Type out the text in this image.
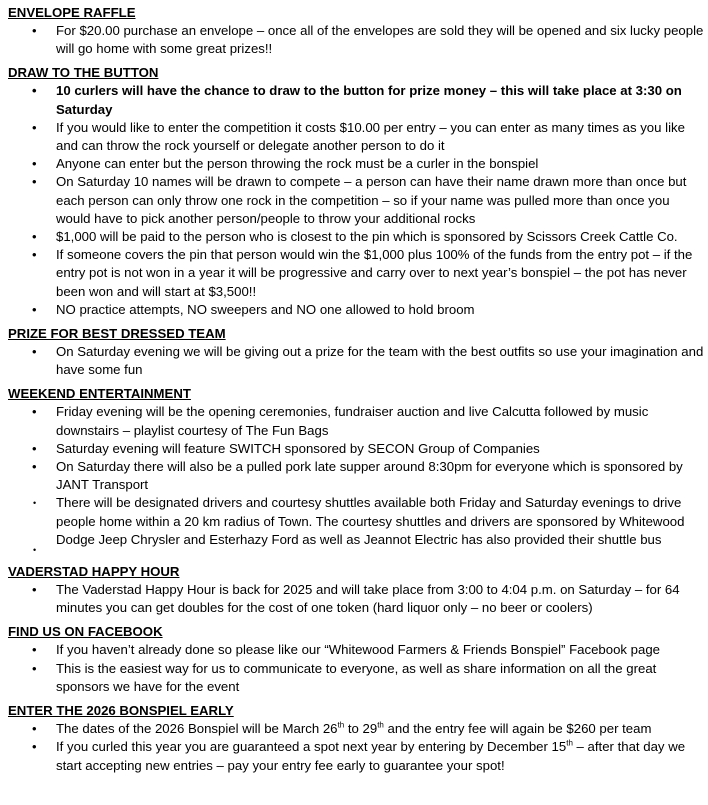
ENVELOPE RAFFLE
• For $20.00 purchase an envelope – once all of the envelopes are sold they will be opened and six lucky people will go home with some great prizes!!
DRAW TO THE BUTTON
• 10 curlers will have the chance to draw to the button for prize money – this will take place at 3:30 on Saturday
• If you would like to enter the competition it costs $10.00 per entry – you can enter as many times as you like and can throw the rock yourself or delegate another person to do it
• Anyone can enter but the person throwing the rock must be a curler in the bonspiel
• On Saturday 10 names will be drawn to compete – a person can have their name drawn more than once but each person can only throw one rock in the competition – so if your name was pulled more than once you would have to pick another person/people to throw your additional rocks
• $1,000 will be paid to the person who is closest to the pin which is sponsored by Scissors Creek Cattle Co.
• If someone covers the pin that person would win the $1,000 plus 100% of the funds from the entry pot – if the entry pot is not won in a year it will be progressive and carry over to next year’s bonspiel – the pot has never been won and will start at $3,500!!
• NO practice attempts, NO sweepers and NO one allowed to hold broom
PRIZE FOR BEST DRESSED TEAM
• On Saturday evening we will be giving out a prize for the team with the best outfits so use your imagination and have some fun
WEEKEND ENTERTAINMENT
• Friday evening will be the opening ceremonies, fundraiser auction and live Calcutta followed by music downstairs – playlist courtesy of The Fun Bags
• Saturday evening will feature SWITCH sponsored by SECON Group of Companies
• On Saturday there will also be a pulled pork late supper around 8:30pm for everyone which is sponsored by JANT Transport
• There will be designated drivers and courtesy shuttles available both Friday and Saturday evenings to drive people home within a 20 km radius of Town. The courtesy shuttles and drivers are sponsored by Whitewood Dodge Jeep Chrysler and Esterhazy Ford as well as Jeannot Electric has also provided their shuttle bus
•
VADERSTAD HAPPY HOUR
• The Vaderstad Happy Hour is back for 2025 and will take place from 3:00 to 4:04 p.m. on Saturday – for 64 minutes you can get doubles for the cost of one token (hard liquor only – no beer or coolers)
FIND US ON FACEBOOK
• If you haven’t already done so please like our “Whitewood Farmers & Friends Bonspiel” Facebook page
• This is the easiest way for us to communicate to everyone, as well as share information on all the great sponsors we have for the event
ENTER THE 2026 BONSPIEL EARLY
• The dates of the 2026 Bonspiel will be March 26th to 29th and the entry fee will again be $260 per team
• If you curled this year you are guaranteed a spot next year by entering by December 15th – after that day we start accepting new entries – pay your entry fee early to guarantee your spot!
